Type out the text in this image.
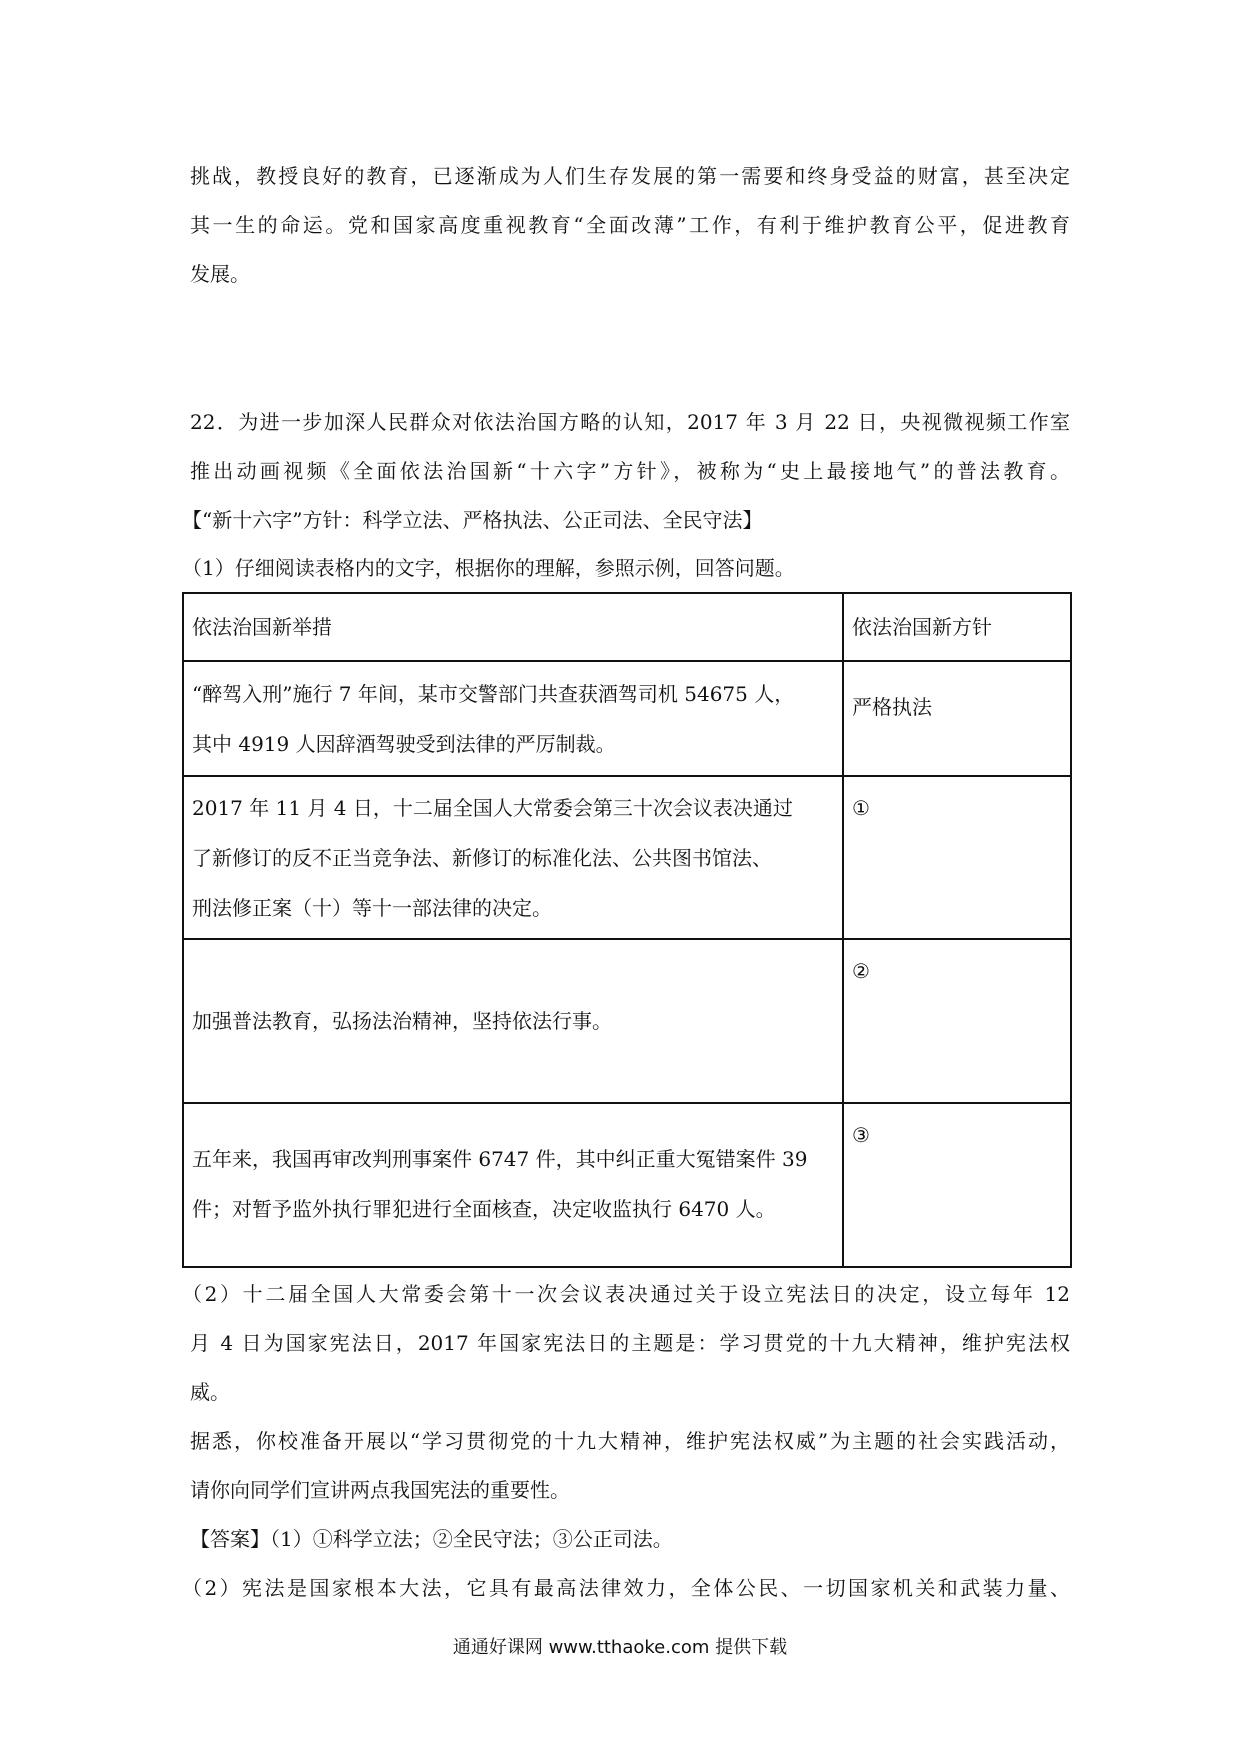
挑战，教授良好的教育，已逐渐成为人们生存发展的第一需要和终身受益的财富，甚至决定
其一生的命运。党和国家高度重视教育“全面改薄”工作，有利于维护教育公平，促进教育
发展。
22．为进一步加深人民群众对依法治国方略的认知，2017 年 3 月 22 日，央视微视频工作室
推出动画视频《全面依法治国新“十六字”方针》，被称为“史上最接地气”的普法教育。
【“新十六字”方针：科学立法、严格执法、公正司法、全民守法】
（1）仔细阅读表格内的文字，根据你的理解，参照示例，回答问题。
依法治国新举措	依法治国新方针

“醉驾入刑”施行 7 年间，某市交警部门共查获酒驾司机 54675 人，
其中 4919 人因辞酒驾驶受到法律的严厉制裁。	严格执法

2017 年 11 月 4 日，十二届全国人大常委会第三十次会议表决通过
了新修订的反不正当竞争法、新修订的标准化法、公共图书馆法、
刑法修正案（十）等十一部法律的决定。	①

加强普法教育，弘扬法治精神，坚持依法行事。	②

五年来，我国再审改判刑事案件 6747 件，其中纠正重大冤错案件 39
件；对暂予监外执行罪犯进行全面核查，决定收监执行 6470 人。	③
（2）十二届全国人大常委会第十一次会议表决通过关于设立宪法日的决定，设立每年 12
月 4 日为国家宪法日，2017 年国家宪法日的主题是：学习贯党的十九大精神，维护宪法权
威。
据悉，你校准备开展以“学习贯彻党的十九大精神，维护宪法权威”为主题的社会实践活动，
请你向同学们宣讲两点我国宪法的重要性。
【答案】（1）①科学立法；②全民守法；③公正司法。
（2）宪法是国家根本大法，它具有最高法律效力，全体公民、一切国家机关和武装力量、
通通好课网 www.tthaoke.com 提供下载
